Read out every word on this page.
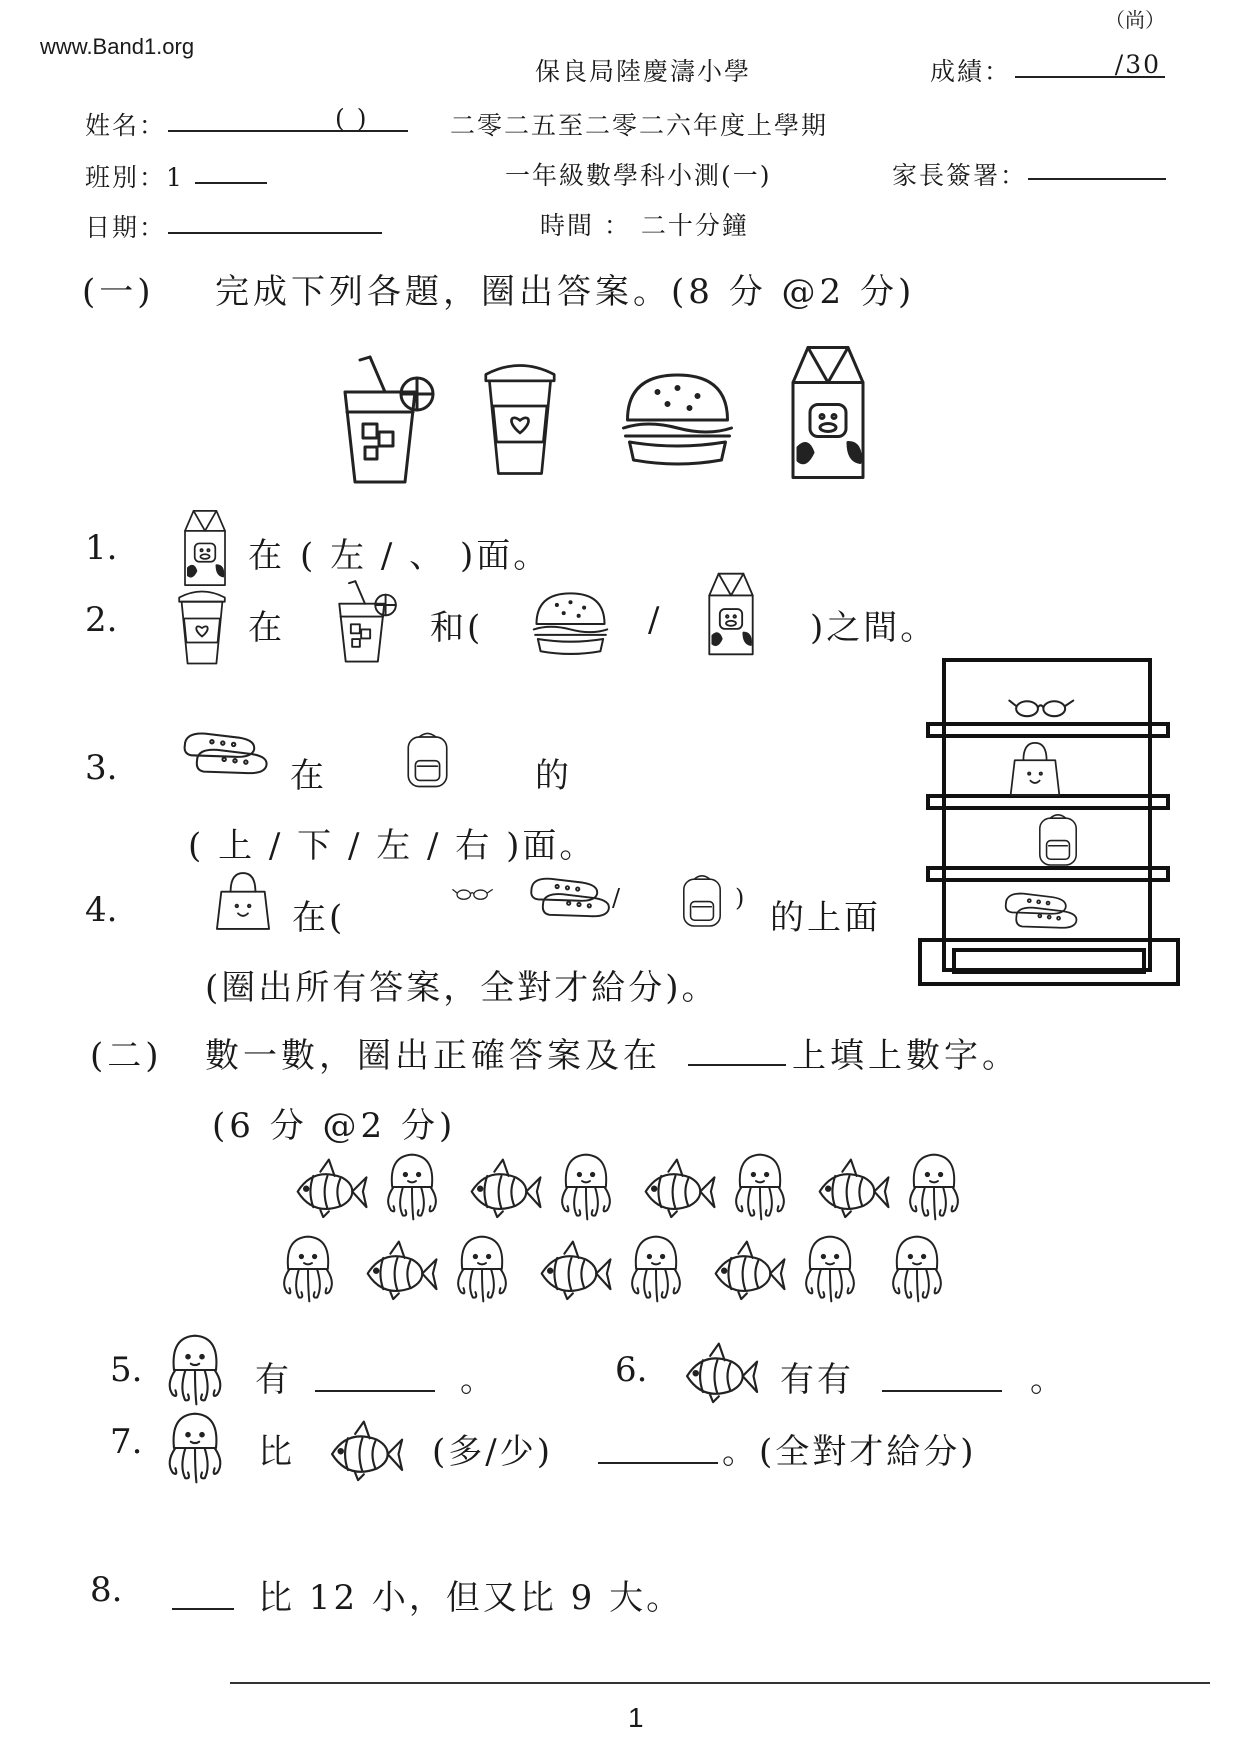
www.Band1.org
（尚）
保良局陸慶濤小學	成績：	/30
姓名：	( )	二零二五至二零二六年度上學期
班別：1	一年級數學科小測(一)	家長簽署：
日期：	時間 ： 二十分鐘
(一) 完成下列各題，圈出答案。(8 分 @2 分)
1.	在 ( 左 / 、 )面。
2.	在	和(	/	)之間。
3.	在	的
( 上 / 下 / 左 / 右 )面。
4.	在(	/	) 的上面
(圈出所有答案，全對才給分)。
(二) 數一數，圈出正確答案及在	上填上數字。
(6 分 @2 分)
5.	有	。	6.	有有	。
7.	比	(多/少)	。(全對才給分)
8.	比 12 小，但又比 9 大。
1
